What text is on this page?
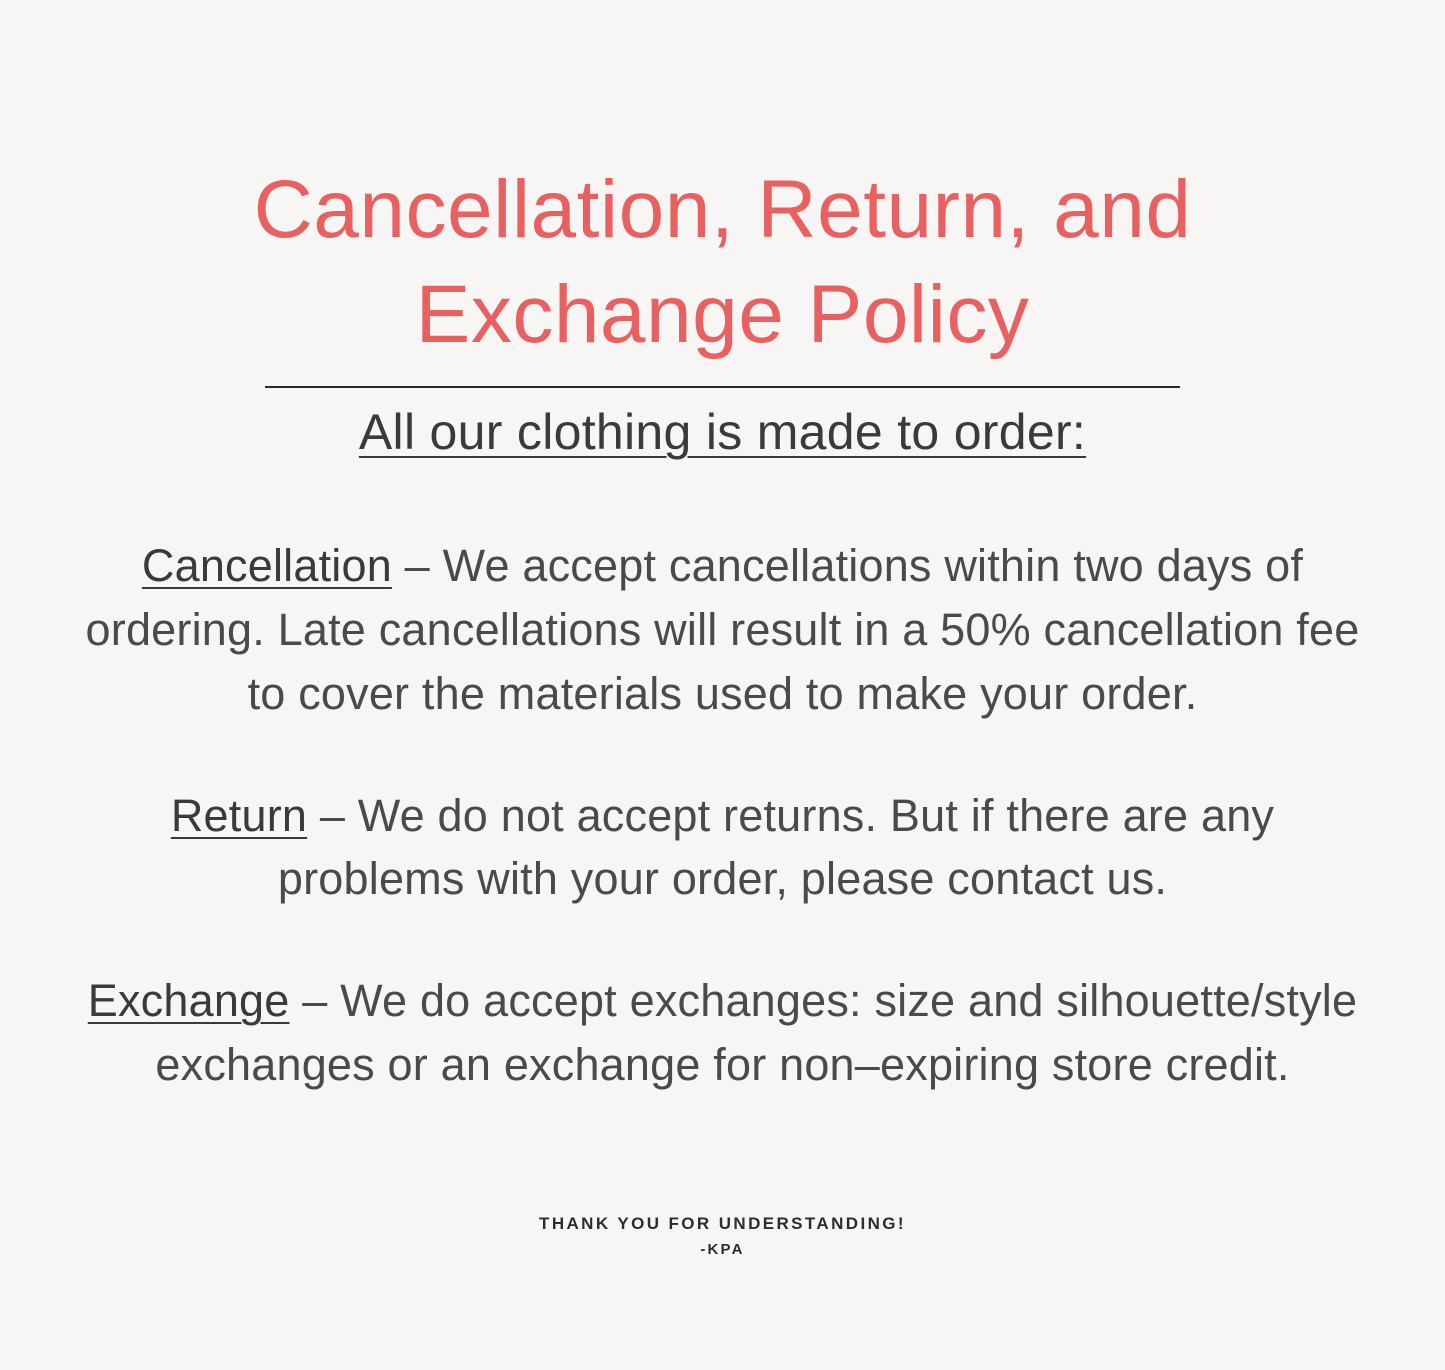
Cancellation, Return, and Exchange Policy
All our clothing is made to order:

Cancellation – We accept cancellations within two days of ordering. Late cancellations will result in a 50% cancellation fee to cover the materials used to make your order.

Return – We do not accept returns. But if there are any problems with your order, please contact us.

Exchange – We do accept exchanges: size and silhouette/style exchanges or an exchange for non–expiring store credit.

THANK YOU FOR UNDERSTANDING!

-KPA
